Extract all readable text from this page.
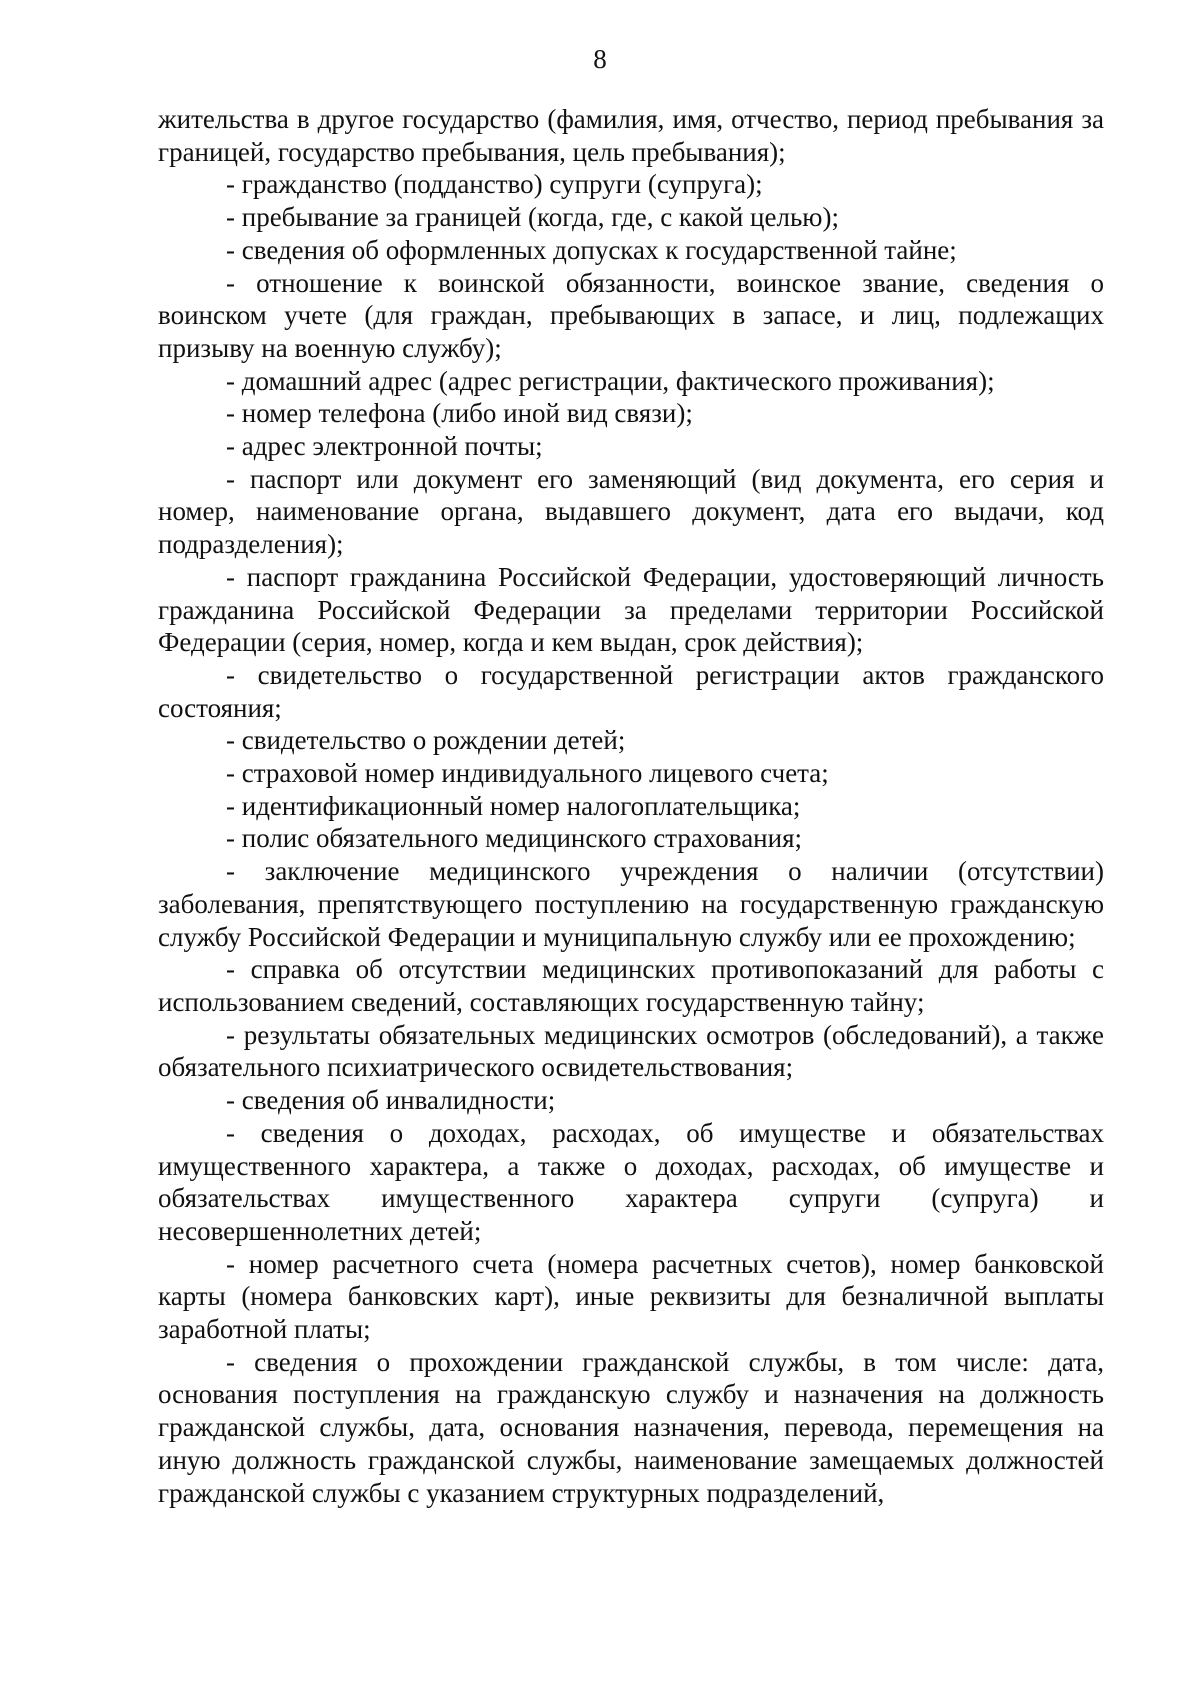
8

жительства в другое государство (фамилия, имя, отчество, период пребывания за границей, государство пребывания, цель пребывания);

- гражданство (подданство) супруги (супруга);

- пребывание за границей (когда, где, с какой целью);

- сведения об оформленных допусках к государственной тайне;

- отношение к воинской обязанности, воинское звание, сведения о воинском учете (для граждан, пребывающих в запасе, и лиц, подлежащих призыву на военную службу);

- домашний адрес (адрес регистрации, фактического проживания);

- номер телефона (либо иной вид связи);

- адрес электронной почты;

- паспорт или документ его заменяющий (вид документа, его серия и номер, наименование органа, выдавшего документ, дата его выдачи, код подразделения);

- паспорт гражданина Российской Федерации, удостоверяющий личность гражданина Российской Федерации за пределами территории Российской Федерации (серия, номер, когда и кем выдан, срок действия);

- свидетельство о государственной регистрации актов гражданского состояния;

- свидетельство о рождении детей;

- страховой номер индивидуального лицевого счета;

- идентификационный номер налогоплательщика;

- полис обязательного медицинского страхования;

- заключение медицинского учреждения о наличии (отсутствии) заболевания, препятствующего поступлению на государственную гражданскую службу Российской Федерации и муниципальную службу или ее прохождению;

- справка об отсутствии медицинских противопоказаний для работы с использованием сведений, составляющих государственную тайну;

- результаты обязательных медицинских осмотров (обследований), а также обязательного психиатрического освидетельствования;

- сведения об инвалидности;

- сведения о доходах, расходах, об имуществе и обязательствах имущественного характера, а также о доходах, расходах, об имуществе и обязательствах имущественного характера супруги (супруга) и несовершеннолетних детей;

- номер расчетного счета (номера расчетных счетов), номер банковской карты (номера банковских карт), иные реквизиты для безналичной выплаты заработной платы;

- сведения о прохождении гражданской службы, в том числе: дата, основания поступления на гражданскую службу и назначения на должность гражданской службы, дата, основания назначения, перевода, перемещения на иную должность гражданской службы, наименование замещаемых должностей гражданской службы с указанием структурных подразделений,
